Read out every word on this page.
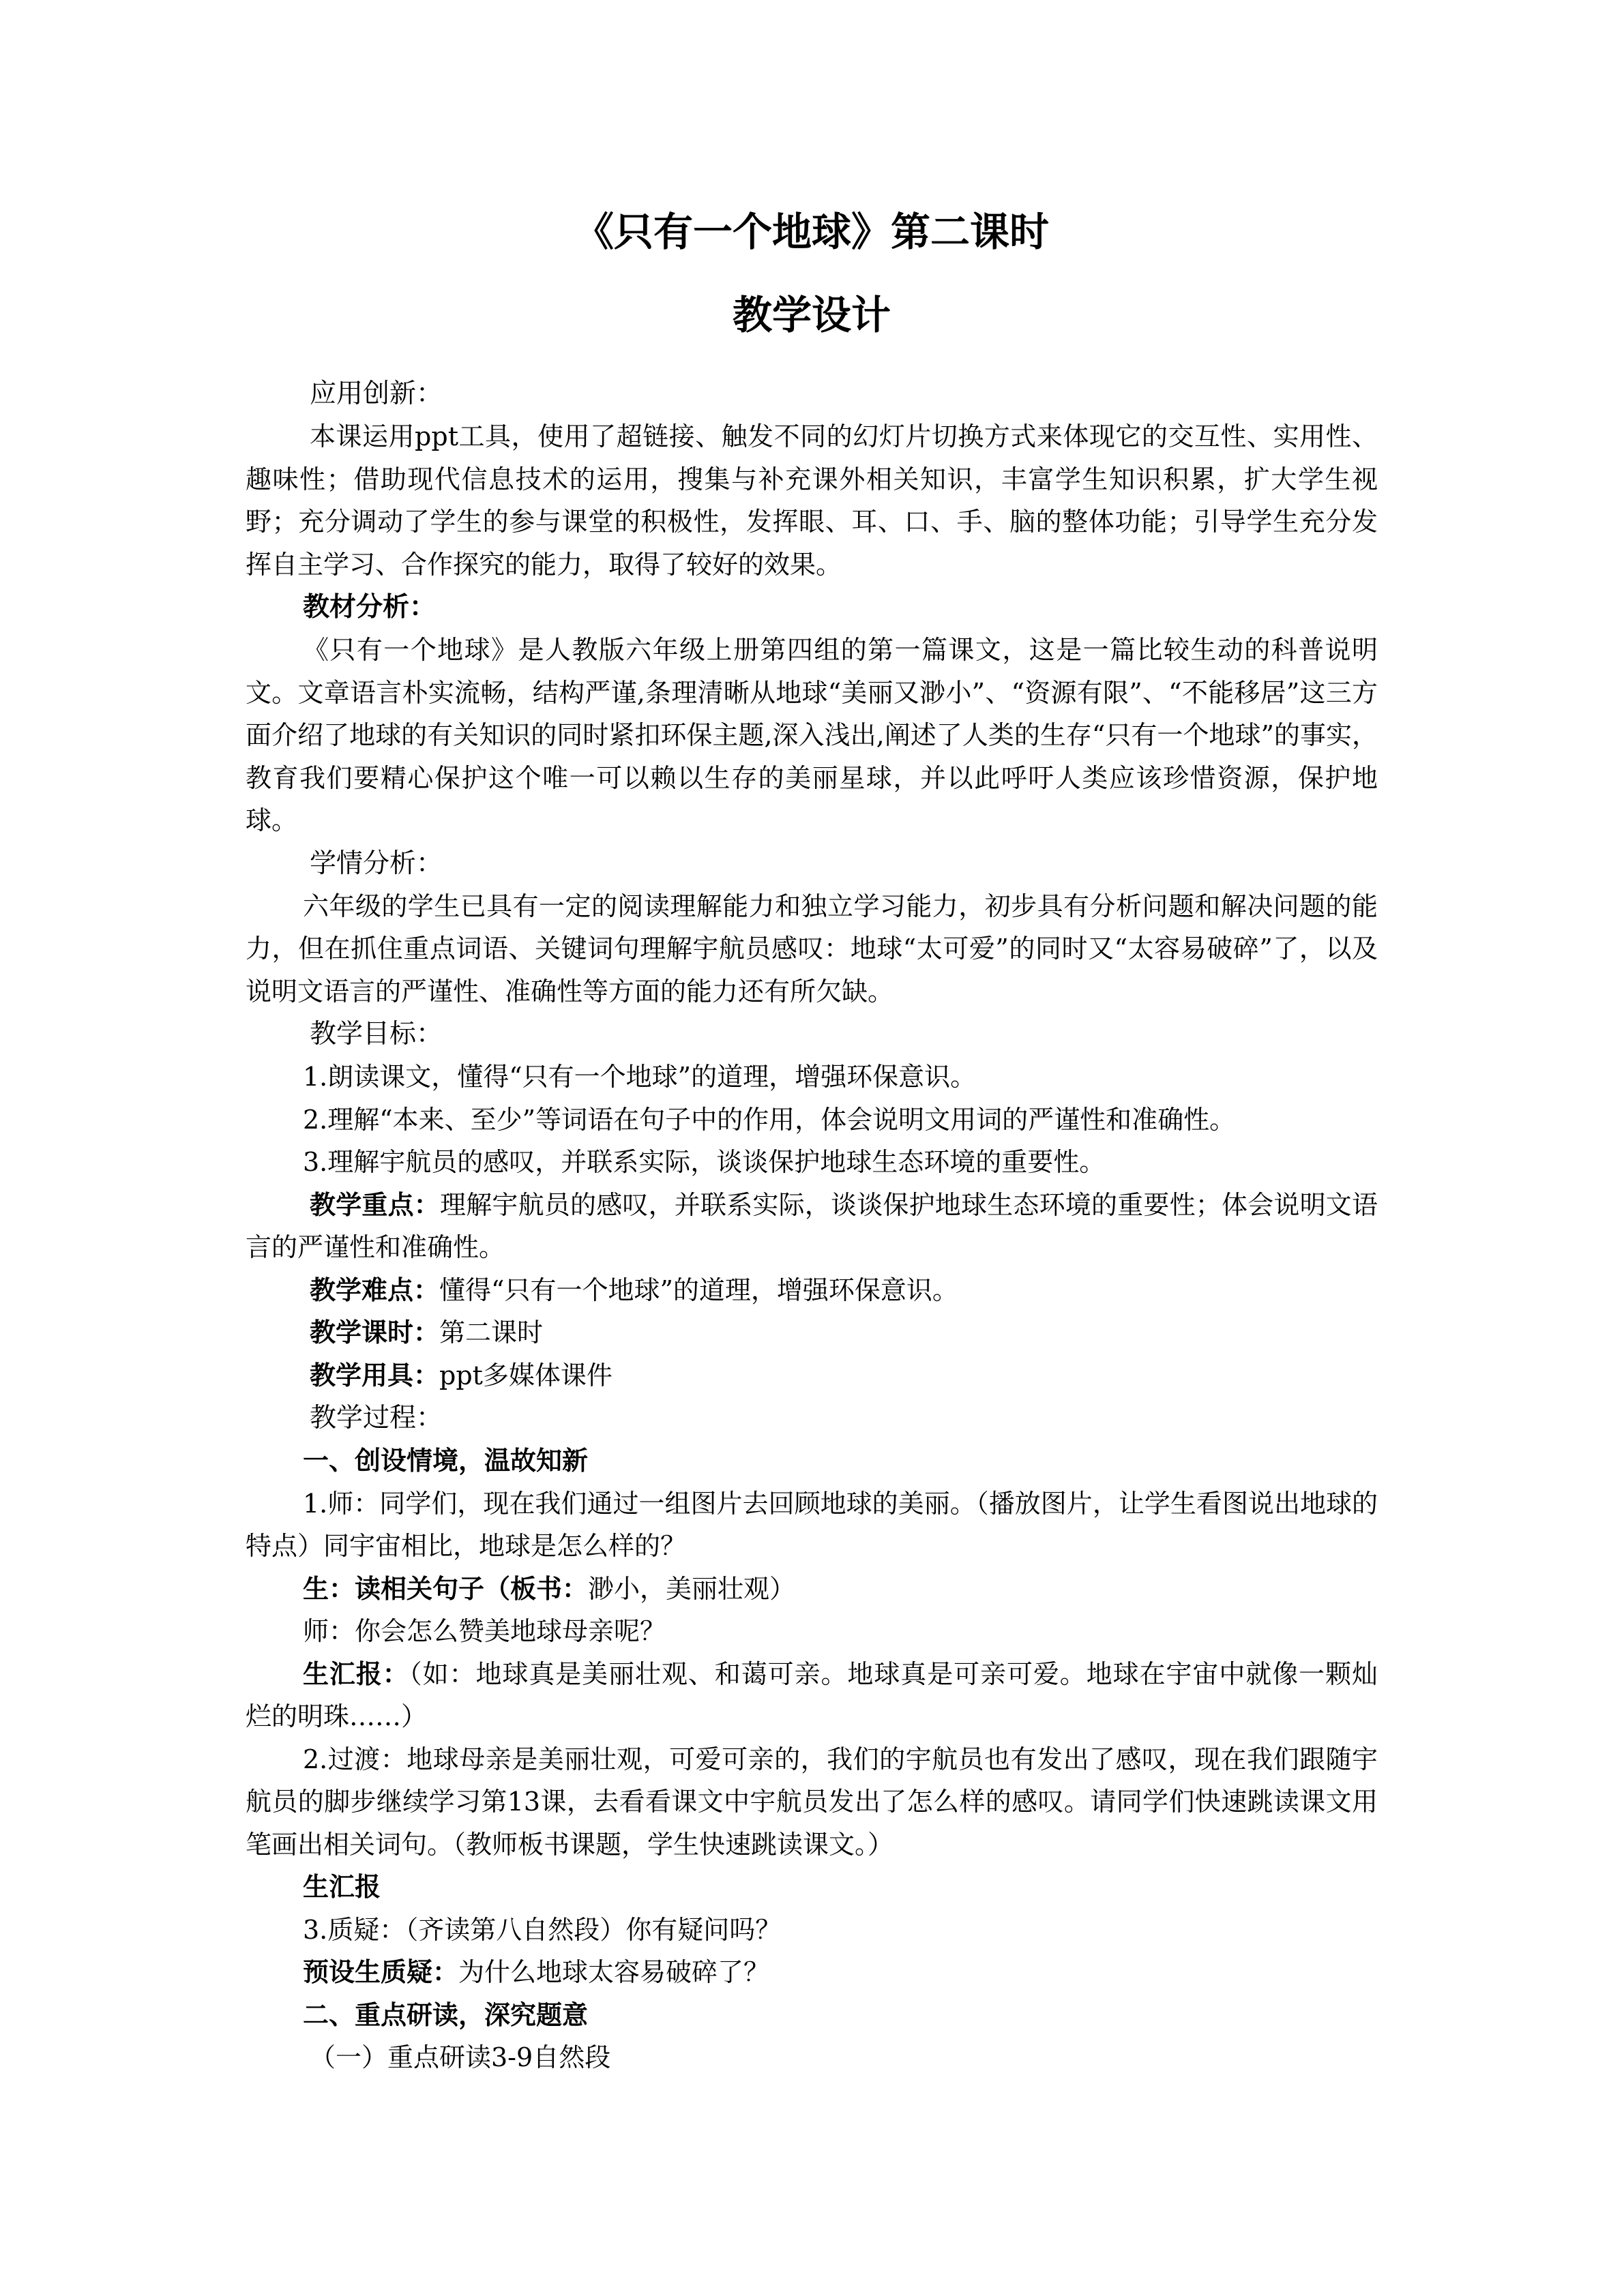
《只有一个地球》第二课时
教学设计

应用创新：

本课运用ppt工具，使用了超链接、触发不同的幻灯片切换方式来体现它的交互性、实用性、趣味性；借助现代信息技术的运用，搜集与补充课外相关知识，丰富学生知识积累，扩大学生视野；充分调动了学生的参与课堂的积极性，发挥眼、耳、口、手、脑的整体功能；引导学生充分发挥自主学习、合作探究的能力，取得了较好的效果。

教材分析：

《只有一个地球》是人教版六年级上册第四组的第一篇课文，这是一篇比较生动的科普说明文。文章语言朴实流畅，结构严谨,条理清晰从地球“美丽又渺小”、“资源有限”、“不能移居”这三方面介绍了地球的有关知识的同时紧扣环保主题,深入浅出,阐述了人类的生存“只有一个地球”的事实，教育我们要精心保护这个唯一可以赖以生存的美丽星球，并以此呼吁人类应该珍惜资源，保护地球。

学情分析：

六年级的学生已具有一定的阅读理解能力和独立学习能力，初步具有分析问题和解决问题的能力，但在抓住重点词语、关键词句理解宇航员感叹：地球“太可爱”的同时又“太容易破碎”了，以及说明文语言的严谨性、准确性等方面的能力还有所欠缺。

教学目标：

1.朗读课文，懂得“只有一个地球”的道理，增强环保意识。

2.理解“本来、至少”等词语在句子中的作用，体会说明文用词的严谨性和准确性。

3.理解宇航员的感叹，并联系实际，谈谈保护地球生态环境的重要性。

教学重点：理解宇航员的感叹，并联系实际，谈谈保护地球生态环境的重要性；体会说明文语言的严谨性和准确性。

教学难点：懂得“只有一个地球”的道理，增强环保意识。

教学课时：第二课时

教学用具：ppt多媒体课件

教学过程：

一、创设情境，温故知新

1.师：同学们，现在我们通过一组图片去回顾地球的美丽。（播放图片，让学生看图说出地球的特点）同宇宙相比，地球是怎么样的？

生：读相关句子（板书：渺小，美丽壮观）

师：你会怎么赞美地球母亲呢？

生汇报：（如：地球真是美丽壮观、和蔼可亲。地球真是可亲可爱。地球在宇宙中就像一颗灿烂的明珠……）

2.过渡：地球母亲是美丽壮观，可爱可亲的，我们的宇航员也有发出了感叹，现在我们跟随宇航员的脚步继续学习第13课，去看看课文中宇航员发出了怎么样的感叹。请同学们快速跳读课文用笔画出相关词句。（教师板书课题，学生快速跳读课文。）

生汇报

3.质疑：（齐读第八自然段）你有疑问吗？

预设生质疑：为什么地球太容易破碎了？

二、重点研读，深究题意

（一）重点研读3-9自然段
